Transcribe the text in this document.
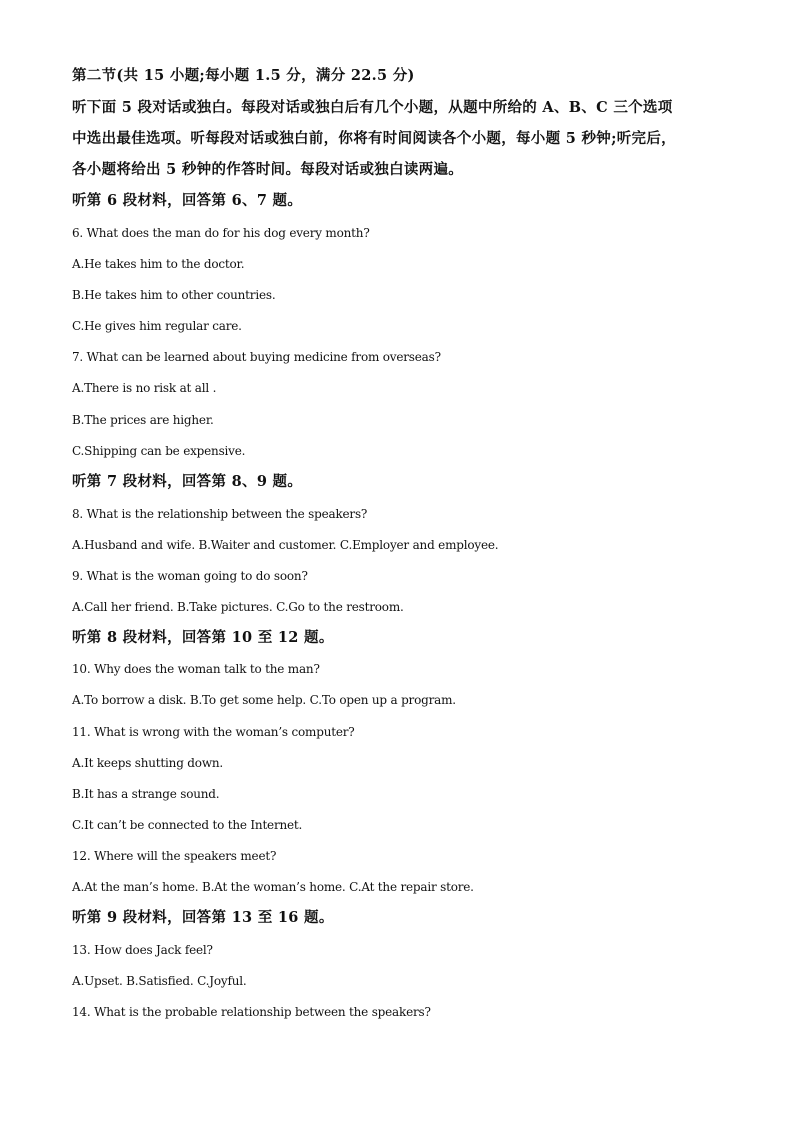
第二节(共 15 小题;每小题 1.5 分，满分 22.5 分)
听下面 5 段对话或独白。每段对话或独白后有几个小题，从题中所给的 A、B、C 三个选项
中选出最佳选项。听每段对话或独白前，你将有时间阅读各个小题，每小题 5 秒钟;听完后，
各小题将给出 5 秒钟的作答时间。每段对话或独白读两遍。
听第 6 段材料，回答第 6、7 题。
6. What does the man do for his dog every month?
A.He takes him to the doctor.
B.He takes him to other countries.
C.He gives him regular care.
7. What can be learned about buying medicine from overseas?
A.There is no risk at all .
B.The prices are higher.
C.Shipping can be expensive.
听第 7 段材料，回答第 8、9 题。
8. What is the relationship between the speakers?
A.Husband and wife. B.Waiter and customer. C.Employer and employee.
9. What is the woman going to do soon?
A.Call her friend. B.Take pictures. C.Go to the restroom.
听第 8 段材料，回答第 10 至 12 题。
10. Why does the woman talk to the man?
A.To borrow a disk. B.To get some help. C.To open up a program.
11. What is wrong with the woman’s computer?
A.It keeps shutting down.
B.It has a strange sound.
C.It can’t be connected to the Internet.
12. Where will the speakers meet?
A.At the man’s home. B.At the woman’s home. C.At the repair store.
听第 9 段材料，回答第 13 至 16 题。
13. How does Jack feel?
A.Upset. B.Satisfied. C.Joyful.
14. What is the probable relationship between the speakers?
